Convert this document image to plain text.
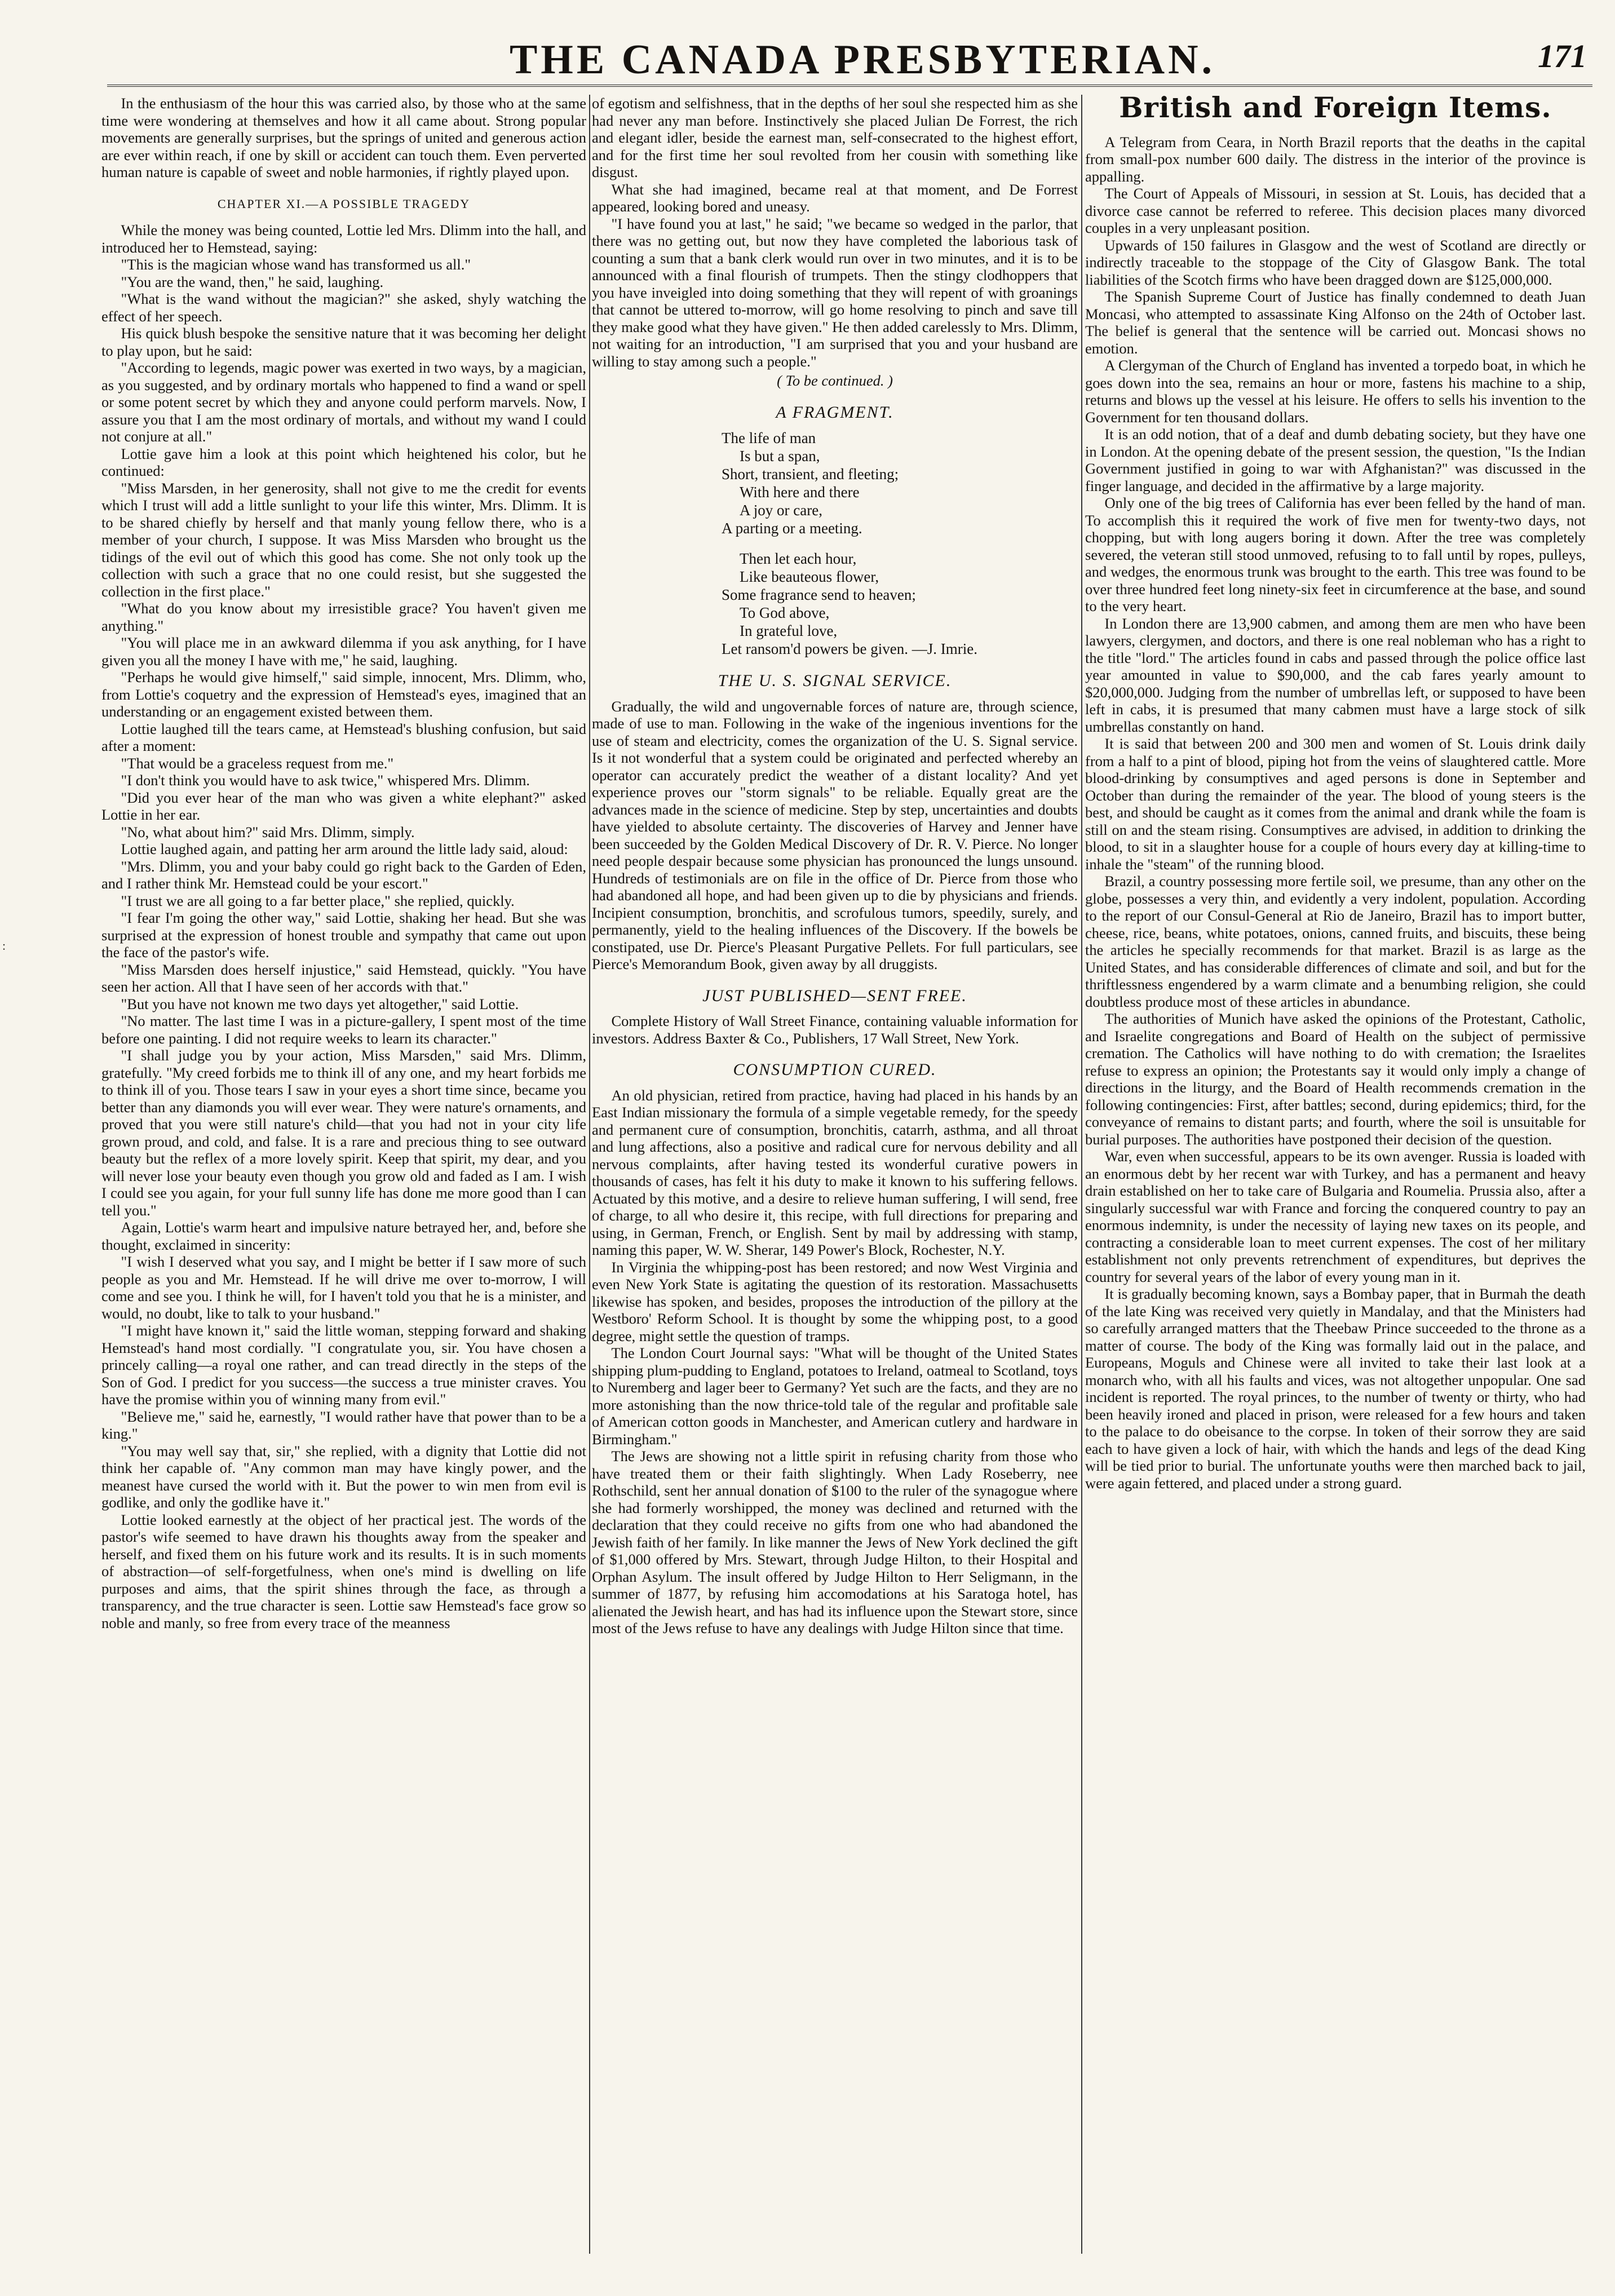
THE CANADA PRESBYTERIAN.	171
:

In the enthusiasm of the hour this was carried also, by those who at the same time were wondering at themselves and how it all came about. Strong popular movements are generally surprises, but the springs of united and generous action are ever within reach, if one by skill or accident can touch them. Even perverted human nature is capable of sweet and noble harmonies, if rightly played upon.

CHAPTER XI.—A POSSIBLE TRAGEDY

While the money was being counted, Lottie led Mrs. Dlimm into the hall, and introduced her to Hemstead, saying:

"This is the magician whose wand has transformed us all."

"You are the wand, then," he said, laughing.

"What is the wand without the magician?" she asked, shyly watching the effect of her speech.

His quick blush bespoke the sensitive nature that it was becoming her delight to play upon, but he said:

"According to legends, magic power was exerted in two ways, by a magician, as you suggested, and by ordinary mortals who happened to find a wand or spell or some potent secret by which they and anyone could perform marvels. Now, I assure you that I am the most ordinary of mortals, and without my wand I could not conjure at all."

Lottie gave him a look at this point which heightened his color, but he continued:

"Miss Marsden, in her generosity, shall not give to me the credit for events which I trust will add a little sunlight to your life this winter, Mrs. Dlimm. It is to be shared chiefly by herself and that manly young fellow there, who is a member of your church, I suppose. It was Miss Marsden who brought us the tidings of the evil out of which this good has come. She not only took up the collection with such a grace that no one could resist, but she suggested the collection in the first place."

"What do you know about my irresistible grace? You haven't given me anything."

"You will place me in an awkward dilemma if you ask anything, for I have given you all the money I have with me," he said, laughing.

"Perhaps he would give himself," said simple, innocent, Mrs. Dlimm, who, from Lottie's coquetry and the expression of Hemstead's eyes, imagined that an understanding or an engagement existed between them.

Lottie laughed till the tears came, at Hemstead's blushing confusion, but said after a moment:

"That would be a graceless request from me."

"I don't think you would have to ask twice," whispered Mrs. Dlimm.

"Did you ever hear of the man who was given a white elephant?" asked Lottie in her ear.

"No, what about him?" said Mrs. Dlimm, simply.

Lottie laughed again, and patting her arm around the little lady said, aloud:

"Mrs. Dlimm, you and your baby could go right back to the Garden of Eden, and I rather think Mr. Hemstead could be your escort."

"I trust we are all going to a far better place," she replied, quickly.

"I fear I'm going the other way," said Lottie, shaking her head. But she was surprised at the expression of honest trouble and sympathy that came out upon the face of the pastor's wife.

"Miss Marsden does herself injustice," said Hemstead, quickly. "You have seen her action. All that I have seen of her accords with that."

"But you have not known me two days yet altogether," said Lottie.

"No matter. The last time I was in a picture-gallery, I spent most of the time before one painting. I did not require weeks to learn its character."

"I shall judge you by your action, Miss Marsden," said Mrs. Dlimm, gratefully. "My creed forbids me to think ill of any one, and my heart forbids me to think ill of you. Those tears I saw in your eyes a short time since, became you better than any diamonds you will ever wear. They were nature's ornaments, and proved that you were still nature's child—that you had not in your city life grown proud, and cold, and false. It is a rare and precious thing to see outward beauty but the reflex of a more lovely spirit. Keep that spirit, my dear, and you will never lose your beauty even though you grow old and faded as I am. I wish I could see you again, for your full sunny life has done me more good than I can tell you."

Again, Lottie's warm heart and impulsive nature betrayed her, and, before she thought, exclaimed in sincerity:

"I wish I deserved what you say, and I might be better if I saw more of such people as you and Mr. Hemstead. If he will drive me over to-morrow, I will come and see you. I think he will, for I haven't told you that he is a minister, and would, no doubt, like to talk to your husband."

"I might have known it," said the little woman, stepping forward and shaking Hemstead's hand most cordially. "I congratulate you, sir. You have chosen a princely calling—a royal one rather, and can tread directly in the steps of the Son of God. I predict for you success—the success a true minister craves. You have the promise within you of winning many from evil."

"Believe me," said he, earnestly, "I would rather have that power than to be a king."

"You may well say that, sir," she replied, with a dignity that Lottie did not think her capable of. "Any common man may have kingly power, and the meanest have cursed the world with it. But the power to win men from evil is godlike, and only the godlike have it."

Lottie looked earnestly at the object of her practical jest. The words of the pastor's wife seemed to have drawn his thoughts away from the speaker and herself, and fixed them on his future work and its results. It is in such moments of abstraction—of self-forgetfulness, when one's mind is dwelling on life purposes and aims, that the spirit shines through the face, as through a transparency, and the true character is seen. Lottie saw Hemstead's face grow so noble and manly, so free from every trace of the meanness

of egotism and selfishness, that in the depths of her soul she respected him as she had never any man before. Instinctively she placed Julian De Forrest, the rich and elegant idler, beside the earnest man, self-consecrated to the highest effort, and for the first time her soul revolted from her cousin with something like disgust.

What she had imagined, became real at that moment, and De Forrest appeared, looking bored and uneasy.

"I have found you at last," he said; "we became so wedged in the parlor, that there was no getting out, but now they have completed the laborious task of counting a sum that a bank clerk would run over in two minutes, and it is to be announced with a final flourish of trumpets. Then the stingy clodhoppers that you have inveigled into doing something that they will repent of with groanings that cannot be uttered to-morrow, will go home resolving to pinch and save till they make good what they have given." He then added carelessly to Mrs. Dlimm, not waiting for an introduction, "I am surprised that you and your husband are willing to stay among such a people."

( To be continued. )
A FRAGMENT.
The life of man
Is but a span,
Short, transient, and fleeting;
With here and there
A joy or care,
A parting or a meeting.
Then let each hour,
Like beauteous flower,
Some fragrance send to heaven;
To God above,
In grateful love,
Let ransom'd powers be given. —J. Imrie.
THE U. S. SIGNAL SERVICE.

Gradually, the wild and ungovernable forces of nature are, through science, made of use to man. Following in the wake of the ingenious inventions for the use of steam and electricity, comes the organization of the U. S. Signal service. Is it not wonderful that a system could be originated and perfected whereby an operator can accurately predict the weather of a distant locality? And yet experience proves our "storm signals" to be reliable. Equally great are the advances made in the science of medicine. Step by step, uncertainties and doubts have yielded to absolute certainty. The discoveries of Harvey and Jenner have been succeeded by the Golden Medical Discovery of Dr. R. V. Pierce. No longer need people despair because some physician has pronounced the lungs unsound. Hundreds of testimonials are on file in the office of Dr. Pierce from those who had abandoned all hope, and had been given up to die by physicians and friends. Incipient consumption, bronchitis, and scrofulous tumors, speedily, surely, and permanently, yield to the healing influences of the Discovery. If the bowels be constipated, use Dr. Pierce's Pleasant Purgative Pellets. For full particulars, see Pierce's Memorandum Book, given away by all druggists.

JUST PUBLISHED—SENT FREE.

Complete History of Wall Street Finance, containing valuable information for investors. Address Baxter & Co., Publishers, 17 Wall Street, New York.

CONSUMPTION CURED.

An old physician, retired from practice, having had placed in his hands by an East Indian missionary the formula of a simple vegetable remedy, for the speedy and permanent cure of consumption, bronchitis, catarrh, asthma, and all throat and lung affections, also a positive and radical cure for nervous debility and all nervous complaints, after having tested its wonderful curative powers in thousands of cases, has felt it his duty to make it known to his suffering fellows. Actuated by this motive, and a desire to relieve human suffering, I will send, free of charge, to all who desire it, this recipe, with full directions for preparing and using, in German, French, or English. Sent by mail by addressing with stamp, naming this paper, W. W. Sherar, 149 Power's Block, Rochester, N.Y.

In Virginia the whipping-post has been restored; and now West Virginia and even New York State is agitating the question of its restoration. Massachusetts likewise has spoken, and besides, proposes the introduction of the pillory at the Westboro' Reform School. It is thought by some the whipping post, to a good degree, might settle the question of tramps.

The London Court Journal says: "What will be thought of the United States shipping plum-pudding to England, potatoes to Ireland, oatmeal to Scotland, toys to Nuremberg and lager beer to Germany? Yet such are the facts, and they are no more astonishing than the now thrice-told tale of the regular and profitable sale of American cotton goods in Manchester, and American cutlery and hardware in Birmingham."

The Jews are showing not a little spirit in refusing charity from those who have treated them or their faith slightingly. When Lady Roseberry, nee Rothschild, sent her annual donation of $100 to the ruler of the synagogue where she had formerly worshipped, the money was declined and returned with the declaration that they could receive no gifts from one who had abandoned the Jewish faith of her family. In like manner the Jews of New York declined the gift of $1,000 offered by Mrs. Stewart, through Judge Hilton, to their Hospital and Orphan Asylum. The insult offered by Judge Hilton to Herr Seligmann, in the summer of 1877, by refusing him accomodations at his Saratoga hotel, has alienated the Jewish heart, and has had its influence upon the Stewart store, since most of the Jews refuse to have any dealings with Judge Hilton since that time.

British and Foreign Items.

A Telegram from Ceara, in North Brazil reports that the deaths in the capital from small-pox number 600 daily. The distress in the interior of the province is appalling.

The Court of Appeals of Missouri, in session at St. Louis, has decided that a divorce case cannot be referred to referee. This decision places many divorced couples in a very unpleasant position.

Upwards of 150 failures in Glasgow and the west of Scotland are directly or indirectly traceable to the stoppage of the City of Glasgow Bank. The total liabilities of the Scotch firms who have been dragged down are $125,000,000.

The Spanish Supreme Court of Justice has finally condemned to death Juan Moncasi, who attempted to assassinate King Alfonso on the 24th of October last. The belief is general that the sentence will be carried out. Moncasi shows no emotion.

A Clergyman of the Church of England has invented a torpedo boat, in which he goes down into the sea, remains an hour or more, fastens his machine to a ship, returns and blows up the vessel at his leisure. He offers to sells his invention to the Government for ten thousand dollars.

It is an odd notion, that of a deaf and dumb debating society, but they have one in London. At the opening debate of the present session, the question, "Is the Indian Government justified in going to war with Afghanistan?" was discussed in the finger language, and decided in the affirmative by a large majority.

Only one of the big trees of California has ever been felled by the hand of man. To accomplish this it required the work of five men for twenty-two days, not chopping, but with long augers boring it down. After the tree was completely severed, the veteran still stood unmoved, refusing to to fall until by ropes, pulleys, and wedges, the enormous trunk was brought to the earth. This tree was found to be over three hundred feet long ninety-six feet in circumference at the base, and sound to the very heart.

In London there are 13,900 cabmen, and among them are men who have been lawyers, clergymen, and doctors, and there is one real nobleman who has a right to the title "lord." The articles found in cabs and passed through the police office last year amounted in value to $90,000, and the cab fares yearly amount to $20,000,000. Judging from the number of umbrellas left, or supposed to have been left in cabs, it is presumed that many cabmen must have a large stock of silk umbrellas constantly on hand.

It is said that between 200 and 300 men and women of St. Louis drink daily from a half to a pint of blood, piping hot from the veins of slaughtered cattle. More blood-drinking by consumptives and aged persons is done in September and October than during the remainder of the year. The blood of young steers is the best, and should be caught as it comes from the animal and drank while the foam is still on and the steam rising. Consumptives are advised, in addition to drinking the blood, to sit in a slaughter house for a couple of hours every day at killing-time to inhale the "steam" of the running blood.

Brazil, a country possessing more fertile soil, we presume, than any other on the globe, possesses a very thin, and evidently a very indolent, population. According to the report of our Consul-General at Rio de Janeiro, Brazil has to import butter, cheese, rice, beans, white potatoes, onions, canned fruits, and biscuits, these being the articles he specially recommends for that market. Brazil is as large as the United States, and has considerable differences of climate and soil, and but for the thriftlessness engendered by a warm climate and a benumbing religion, she could doubtless produce most of these articles in abundance.

The authorities of Munich have asked the opinions of the Protestant, Catholic, and Israelite congregations and Board of Health on the subject of permissive cremation. The Catholics will have nothing to do with cremation; the Israelites refuse to express an opinion; the Protestants say it would only imply a change of directions in the liturgy, and the Board of Health recommends cremation in the following contingencies: First, after battles; second, during epidemics; third, for the conveyance of remains to distant parts; and fourth, where the soil is unsuitable for burial purposes. The authorities have postponed their decision of the question.

War, even when successful, appears to be its own avenger. Russia is loaded with an enormous debt by her recent war with Turkey, and has a permanent and heavy drain established on her to take care of Bulgaria and Roumelia. Prussia also, after a singularly successful war with France and forcing the conquered country to pay an enormous indemnity, is under the necessity of laying new taxes on its people, and contracting a considerable loan to meet current expenses. The cost of her military establishment not only prevents retrenchment of expenditures, but deprives the country for several years of the labor of every young man in it.

It is gradually becoming known, says a Bombay paper, that in Burmah the death of the late King was received very quietly in Mandalay, and that the Ministers had so carefully arranged matters that the Theebaw Prince succeeded to the throne as a matter of course. The body of the King was formally laid out in the palace, and Europeans, Moguls and Chinese were all invited to take their last look at a monarch who, with all his faults and vices, was not altogether unpopular. One sad incident is reported. The royal princes, to the number of twenty or thirty, who had been heavily ironed and placed in prison, were released for a few hours and taken to the palace to do obeisance to the corpse. In token of their sorrow they are said each to have given a lock of hair, with which the hands and legs of the dead King will be tied prior to burial. The unfortunate youths were then marched back to jail, were again fettered, and placed under a strong guard.
